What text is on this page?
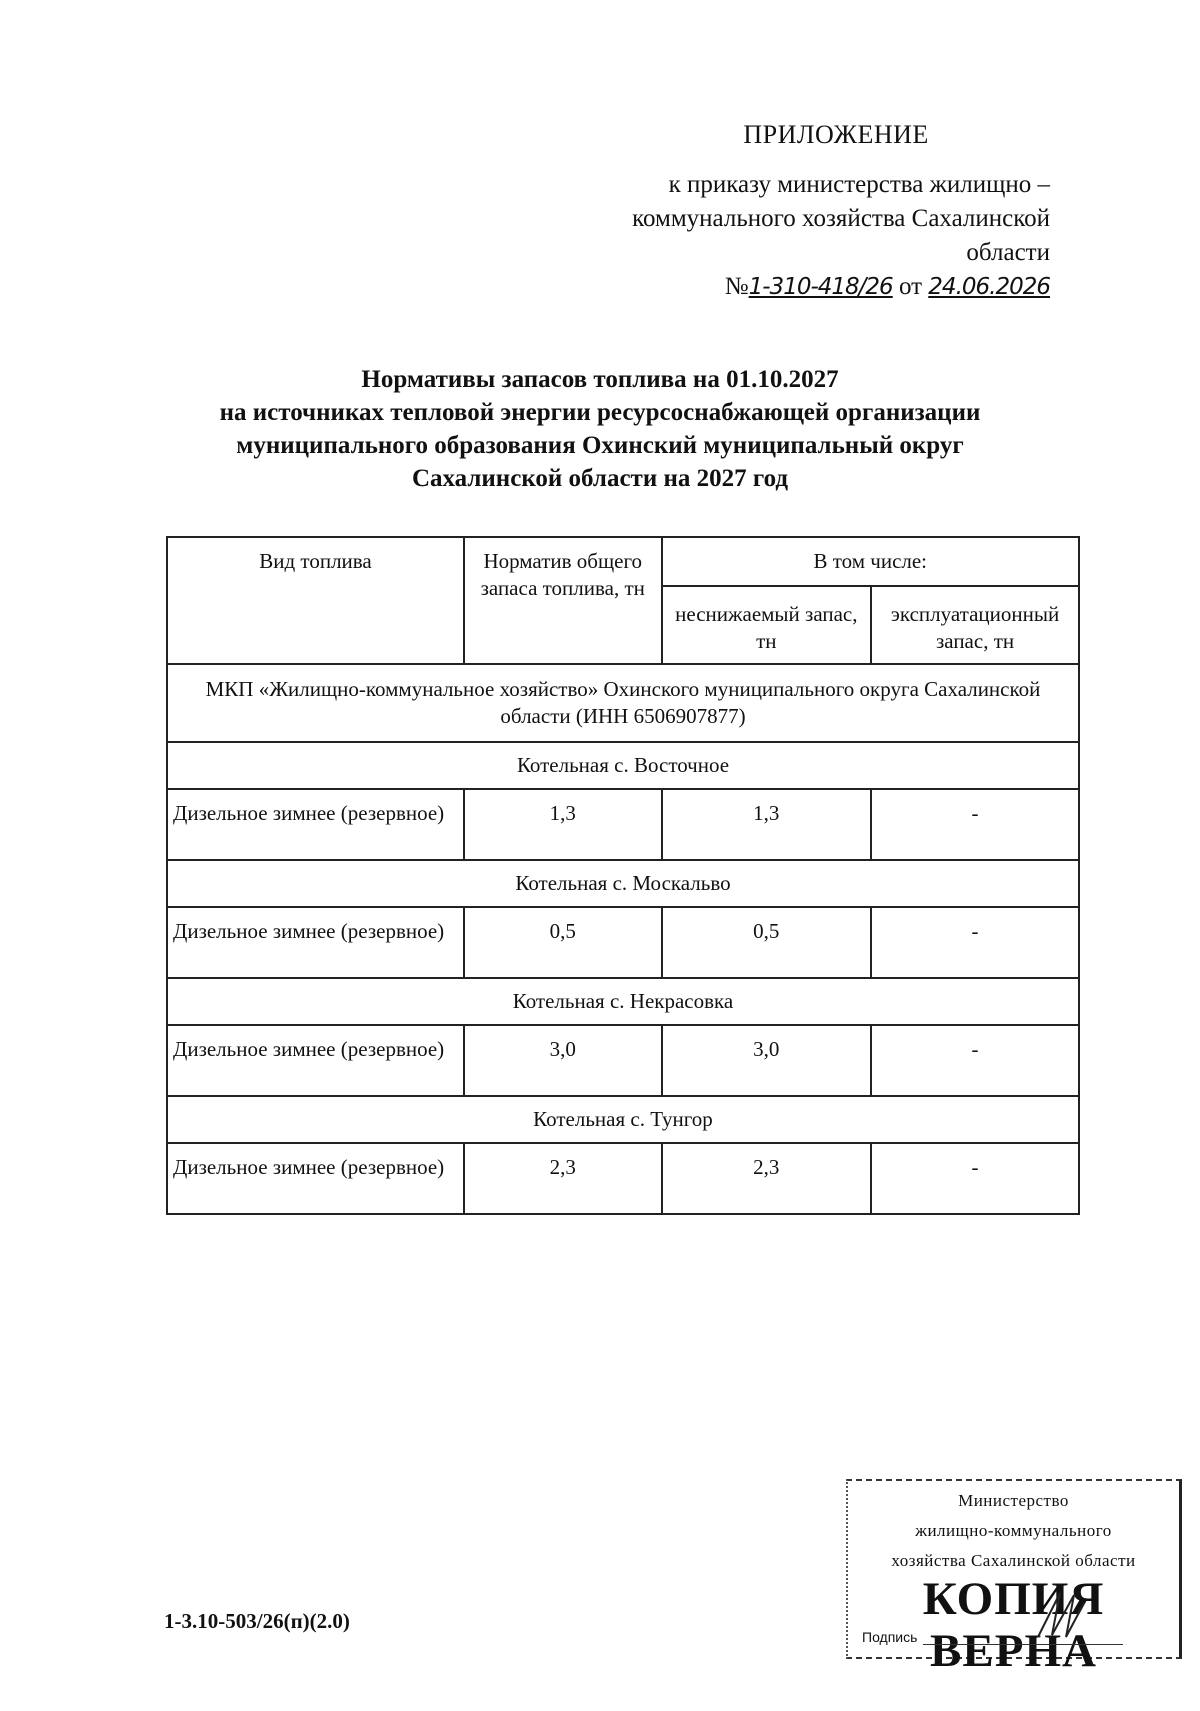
ПРИЛОЖЕНИЕ
к приказу министерства жилищно –
коммунального хозяйства Сахалинской
области
№1-310-418/26 от 24.06.2026
Нормативы запасов топлива на 01.10.2027
на источниках тепловой энергии ресурсоснабжающей организации
муниципального образования Охинский муниципальный округ
Сахалинской области на 2027 год
Вид топлива	Норматив общего запаса топлива, тн	В том числе:	
		неснижаемый запас, тн	эксплуатационный запас, тн
МКП «Жилищно-коммунальное хозяйство» Охинского муниципального округа Сахалинской области (ИНН 6506907877)			
Котельная с. Восточное			
Дизельное зимнее (резервное)	1,3	1,3	-
Котельная с. Москальво			
Дизельное зимнее (резервное)	0,5	0,5	-
Котельная с. Некрасовка			
Дизельное зимнее (резервное)	3,0	3,0	-
Котельная с. Тунгор			
Дизельное зимнее (резервное)	2,3	2,3	-
1-3.10-503/26(п)(2.0)
Министерство
жилищно-коммунального
хозяйства Сахалинской области
КОПИЯ ВЕРНА
Подпись
